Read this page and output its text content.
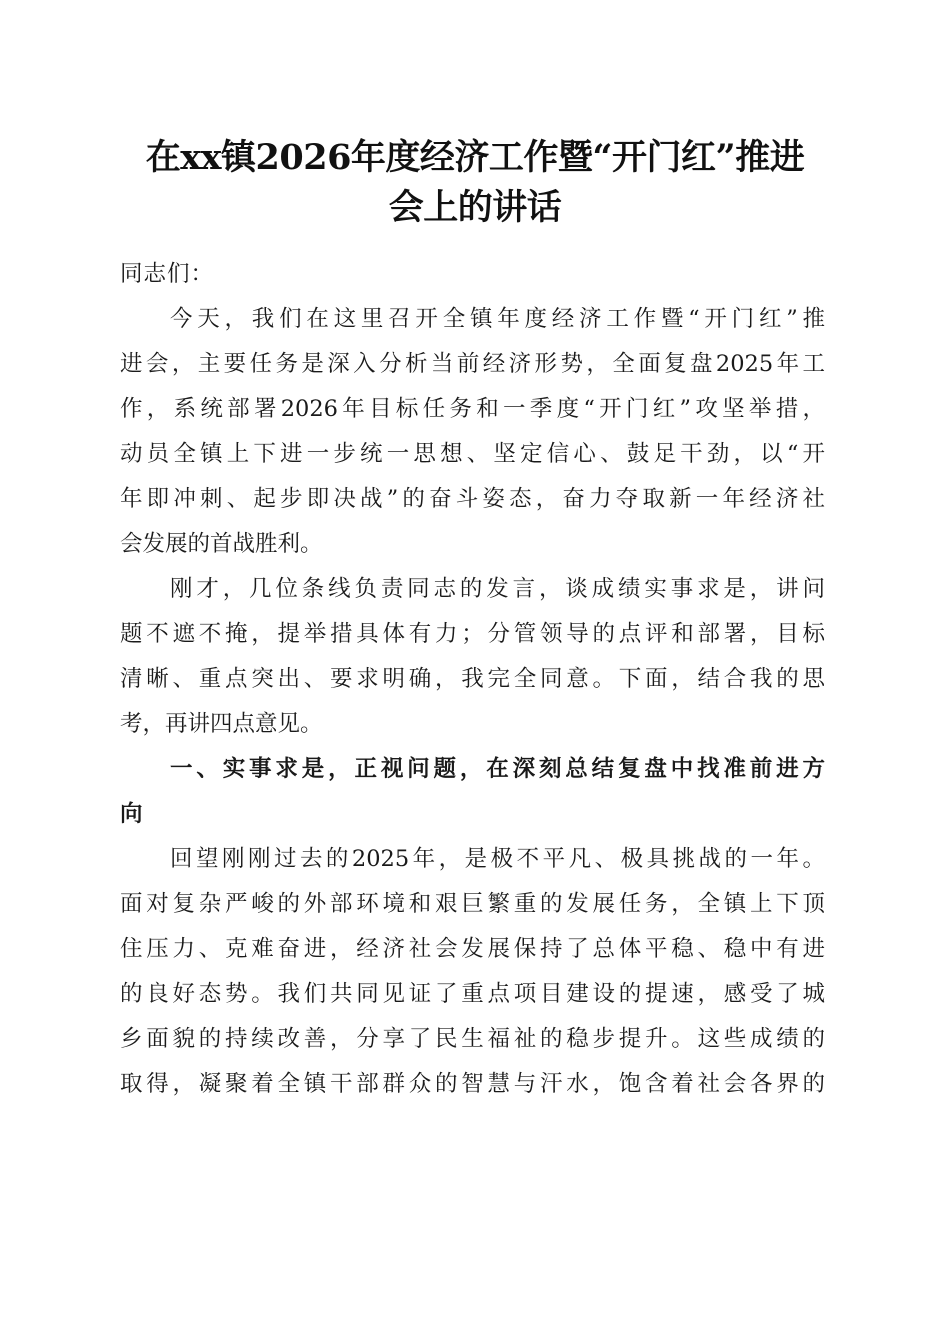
在xx镇2026年度经济工作暨“开门红”推进
会上的讲话
同志们：
今天，我们在这里召开全镇年度经济工作暨“开门红”推
进会，主要任务是深入分析当前经济形势，全面复盘2025年工
作，系统部署2026年目标任务和一季度“开门红”攻坚举措，
动员全镇上下进一步统一思想、坚定信心、鼓足干劲，以“开
年即冲刺、起步即决战”的奋斗姿态，奋力夺取新一年经济社
会发展的首战胜利。
刚才，几位条线负责同志的发言，谈成绩实事求是，讲问
题不遮不掩，提举措具体有力；分管领导的点评和部署，目标
清晰、重点突出、要求明确，我完全同意。下面，结合我的思
考，再讲四点意见。
一、实事求是，正视问题，在深刻总结复盘中找准前进方
向
回望刚刚过去的2025年，是极不平凡、极具挑战的一年。
面对复杂严峻的外部环境和艰巨繁重的发展任务，全镇上下顶
住压力、克难奋进，经济社会发展保持了总体平稳、稳中有进
的良好态势。我们共同见证了重点项目建设的提速，感受了城
乡面貌的持续改善，分享了民生福祉的稳步提升。这些成绩的
取得，凝聚着全镇干部群众的智慧与汗水，饱含着社会各界的
